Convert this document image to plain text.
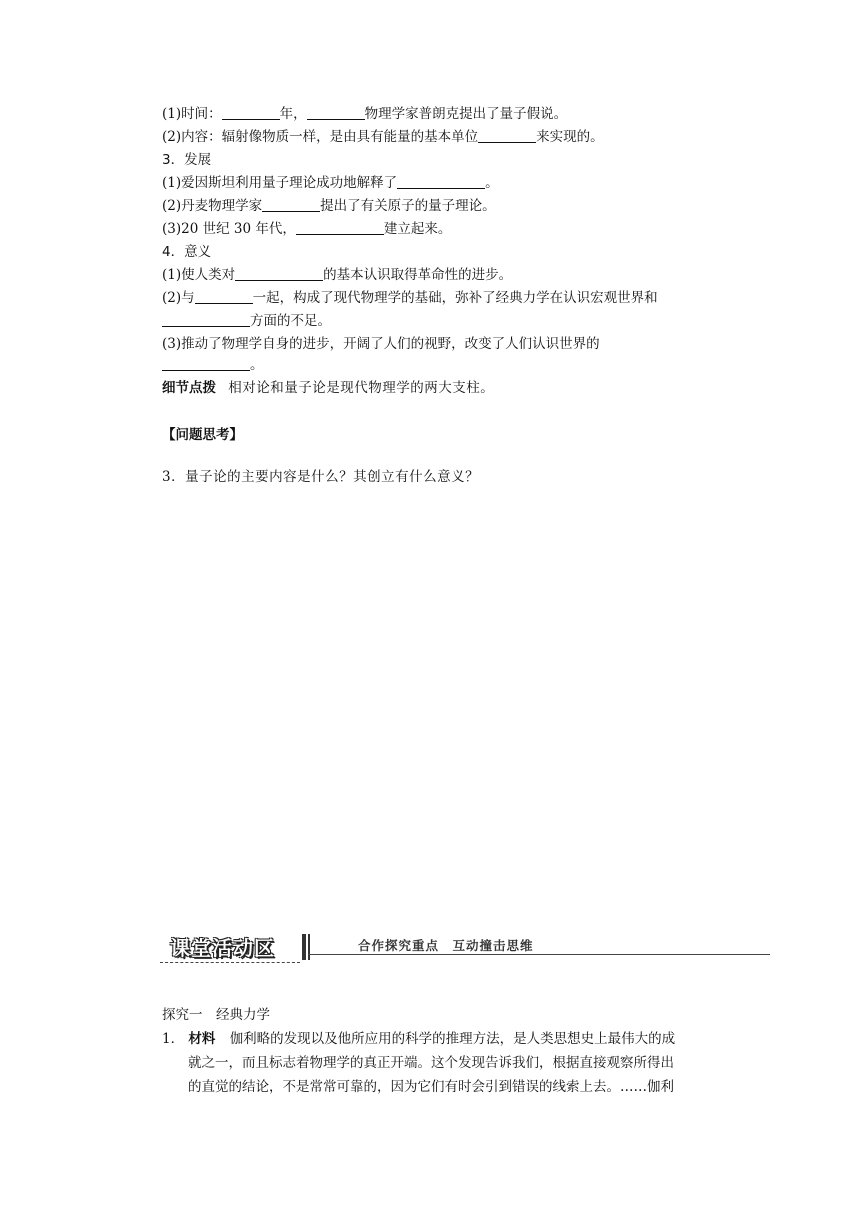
(1)时间：	年，	物理学家普朗克提出了量子假说。
(2)内容：辐射像物质一样，是由具有能量的基本单位	来实现的。
3．发展
(1)爱因斯坦利用量子理论成功地解释了	。
(2)丹麦物理学家	提出了有关原子的量子理论。
(3)20 世纪 30 年代，	建立起来。
4．意义
(1)使人类对	的基本认识取得革命性的进步。
(2)与	一起，构成了现代物理学的基础，弥补了经典力学在认识宏观世界和
方面的不足。
(3)推动了物理学自身的进步，开阔了人们的视野，改变了人们认识世界的
。
细节点拨 相对论和量子论是现代物理学的两大支柱。
【问题思考】
3．量子论的主要内容是什么？其创立有什么意义？
课堂活动区	合作探究重点　互动撞击思维
探究一　经典力学
1． 材料 伽利略的发现以及他所应用的科学的推理方法，是人类思想史上最伟大的成
就之一，而且标志着物理学的真正开端。这个发现告诉我们，根据直接观察所得出
的直觉的结论，不是常常可靠的，因为它们有时会引到错误的线索上去。……伽利
